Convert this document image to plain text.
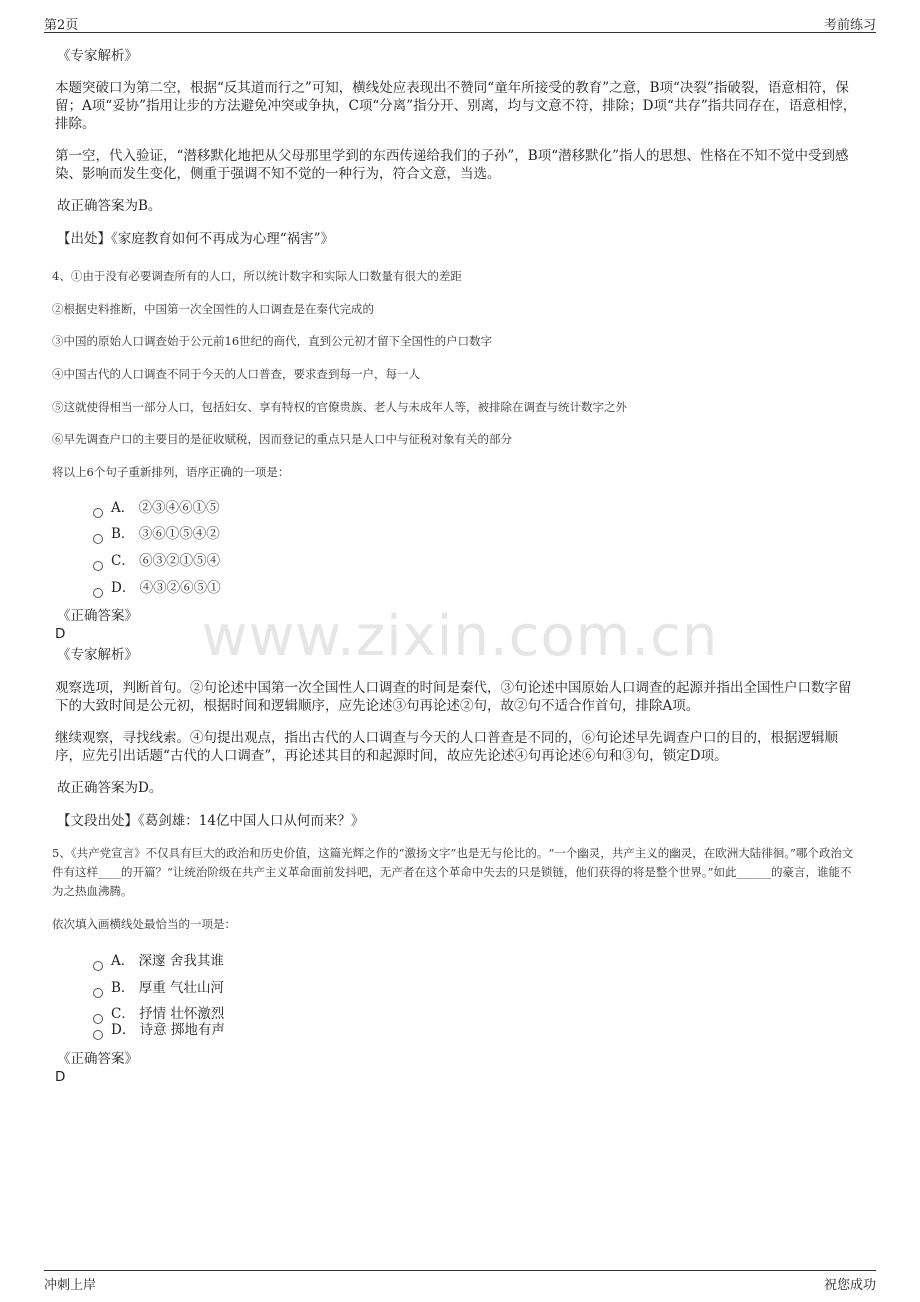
第2页	考前练习
www.zixin.com.cn
《专家解析》
本题突破口为第二空，根据“反其道而行之”可知，横线处应表现出不赞同“童年所接受的教育”之意，B项“决裂”指破裂，语意相符，保留；A项“妥协”指用让步的方法避免冲突或争执，C项“分离”指分开、别离，均与文意不符，排除；D项“共存”指共同存在，语意相悖，排除。
第一空，代入验证，“潜移默化地把从父母那里学到的东西传递给我们的子孙”，B项“潜移默化”指人的思想、性格在不知不觉中受到感染、影响而发生变化，侧重于强调不知不觉的一种行为，符合文意，当选。
故正确答案为B。
【出处】《家庭教育如何不再成为心理“祸害”》
4、①由于没有必要调查所有的人口，所以统计数字和实际人口数量有很大的差距
②根据史料推断，中国第一次全国性的人口调查是在秦代完成的
③中国的原始人口调查始于公元前16世纪的商代，直到公元初才留下全国性的户口数字
④中国古代的人口调查不同于今天的人口普查，要求查到每一户，每一人
⑤这就使得相当一部分人口，包括妇女、享有特权的官僚贵族、老人与未成年人等，被排除在调查与统计数字之外
⑥早先调查户口的主要目的是征收赋税，因而登记的重点只是人口中与征税对象有关的部分
将以上6个句子重新排列，语序正确的一项是：
A． ②③④⑥①⑤
B． ③⑥①⑤④②
C． ⑥③②①⑤④
D． ④③②⑥⑤①
《正确答案》
D
《专家解析》
观察选项，判断首句。②句论述中国第一次全国性人口调查的时间是秦代，③句论述中国原始人口调查的起源并指出全国性户口数字留下的大致时间是公元初，根据时间和逻辑顺序，应先论述③句再论述②句，故②句不适合作首句，排除A项。
继续观察，寻找线索。④句提出观点，指出古代的人口调查与今天的人口普查是不同的，⑥句论述早先调查户口的目的，根据逻辑顺序，应先引出话题“古代的人口调查”，再论述其目的和起源时间，故应先论述④句再论述⑥句和③句，锁定D项。
故正确答案为D。
【文段出处】《葛剑雄：14亿中国人口从何而来？》
5、《共产党宣言》不仅具有巨大的政治和历史价值，这篇光辉之作的“激扬文字”也是无与伦比的。“一个幽灵，共产主义的幽灵，在欧洲大陆徘徊。”哪个政治文件有这样____的开篇？“让统治阶级在共产主义革命面前发抖吧，无产者在这个革命中失去的只是锁链，他们获得的将是整个世界。”如此______的豪言，谁能不为之热血沸腾。
依次填入画横线处最恰当的一项是：
A． 深邃 舍我其谁
B． 厚重 气壮山河
C． 抒情 壮怀激烈
D． 诗意 掷地有声
《正确答案》
D
冲刺上岸	祝您成功
